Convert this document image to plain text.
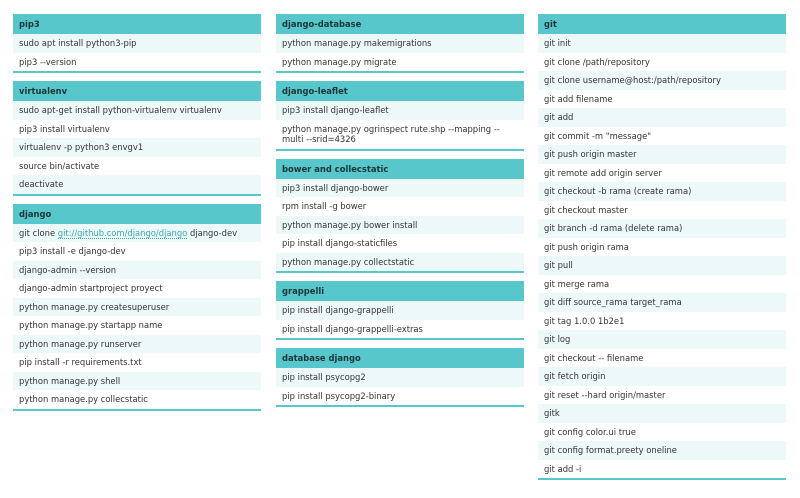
pip3
sudo apt install python3-pip
pip3 --version
virtualenv
sudo apt-get install python-virtualenv virtualenv
pip3 install virtualenv
virtualenv -p python3 envgv1
source bin/activate
deactivate
django
git clone git://github.com/django/django django-dev
pip3 install -e django-dev
django-admin --version
django-admin startproject proyect
python manage.py createsuperuser
python manage.py startapp name
python manage.py runserver
pip install -r requirements.txt
python manage.py shell
python manage.py collecstatic
django-database
python manage.py makemigrations
python manage.py migrate
django-leaflet
pip3 install django-leaflet
python manage.py ogrinspect rute.shp --mapping --multi --srid=4326
bower and collecstatic
pip3 install django-bower
rpm install -g bower
python manage.py bower install
pip install django-staticfiles
python manage.py collectstatic
grappelli
pip install django-grappelli
pip install django-grappelli-extras
database django
pip install psycopg2
pip install psycopg2-binary
git
git init
git clone /path/repository
git clone username@host:/path/repository
git add filename
git add
git commit -m "message"
git push origin master
git remote add origin server
git checkout -b rama (create rama)
git checkout master
git branch -d rama (delete rama)
git push origin rama
git pull
git merge rama
git diff source_rama target_rama
git tag 1.0.0 1b2e1
git log
git checkout -- filename
git fetch origin
git reset --hard origin/master
gitk
git config color.ui true
git config format.preety oneline
git add -i
